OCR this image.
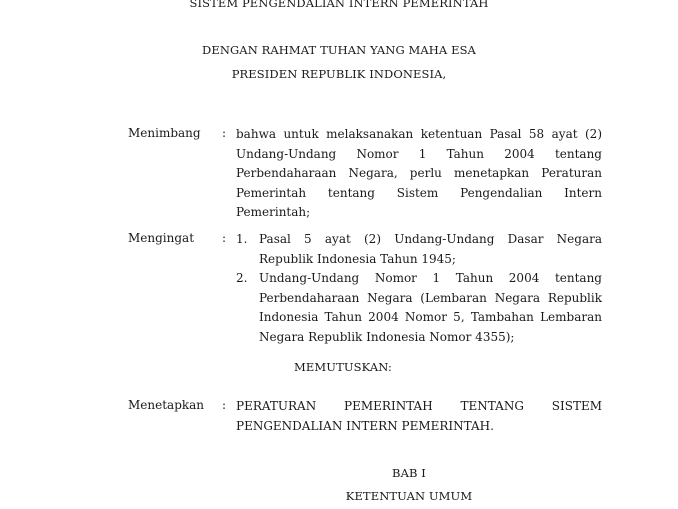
SISTEM PENGENDALIAN INTERN PEMERINTAH
DENGAN RAHMAT TUHAN YANG MAHA ESA
PRESIDEN REPUBLIK INDONESIA,
Menimbang : bahwa untuk melaksanakan ketentuan Pasal 58 ayat (2) Undang-Undang Nomor 1 Tahun 2004 tentang Perbendaharaan Negara, perlu menetapkan Peraturan Pemerintah tentang Sistem Pengendalian Intern Pemerintah;
Mengingat : 1. Pasal 5 ayat (2) Undang-Undang Dasar Negara Republik Indonesia Tahun 1945;
2. Undang-Undang Nomor 1 Tahun 2004 tentang Perbendaharaan Negara (Lembaran Negara Republik Indonesia Tahun 2004 Nomor 5, Tambahan Lembaran Negara Republik Indonesia Nomor 4355);
MEMUTUSKAN:
Menetapkan : PERATURAN PEMERINTAH TENTANG SISTEM PENGENDALIAN INTERN PEMERINTAH.
BAB I
KETENTUAN UMUM
